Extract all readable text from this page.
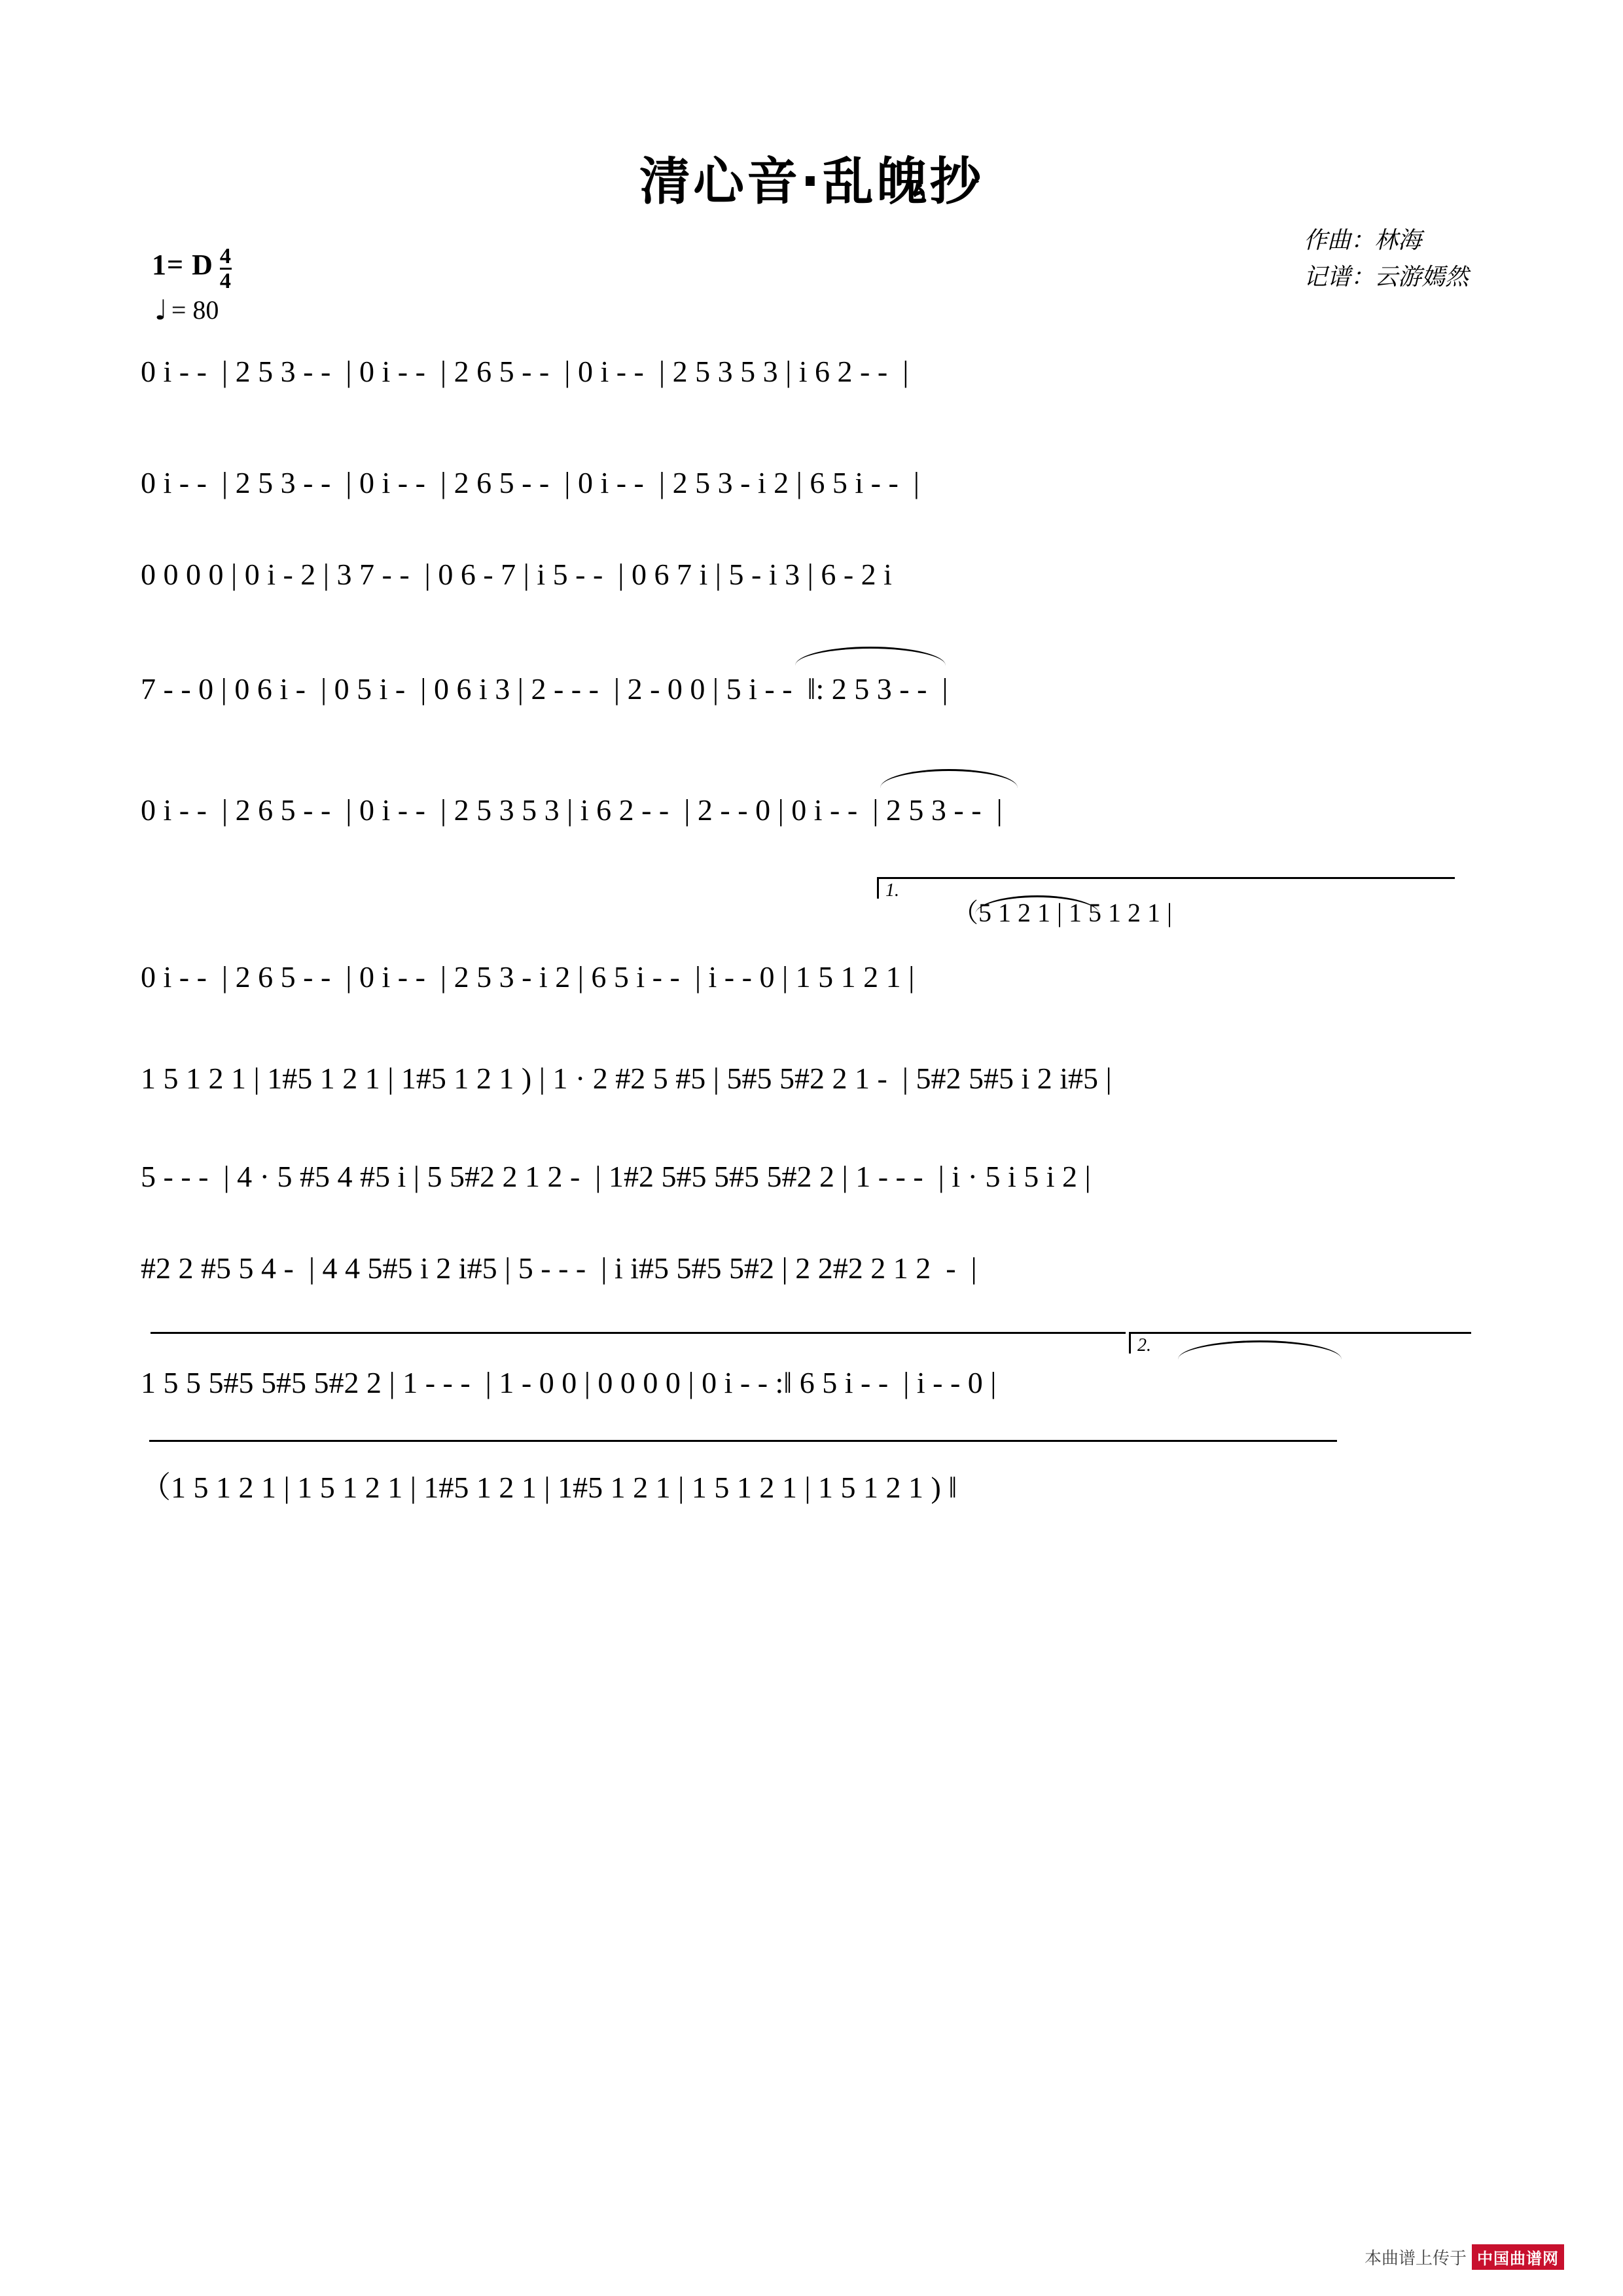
清心音·乱魄抄
1= D $\frac{4}{4}$
♩ = 80
作曲：林海
记谱：云游嫣然
0 i - -  | 2 5 3 - -  | 0 i - -  | 2 6 5 - -  | 0 i - -  | 2 5 3 5 3 | i 6 2 - -  |
0 i - -  | 2 5 3 - -  | 0 i - -  | 2 6 5 - -  | 0 i - -  | 2 5 3 - i 2 | 6 5 i - -  |
0 0 0 0 | 0 i - 2 | 3 7 - -  | 0 6 - 7 | i 5 - -  | 0 6 7 i | 5 - i 3 | 6 - 2 i
7 - - 0 | 0 6 i -  | 0 5 i -  | 0 6 i 3 | 2 - - -  | 2 - 0 0 | 5 i - -  ‖: 2 5 3 - -  |
0 i - -  | 2 6 5 - -  | 0 i - -  | 2 5 3 5 3 | i 6 2 - -  | 2 - - 0 | 0 i - -  | 2 5 3 - -  |
1.
（5 1 2 1 | 1 5 1 2 1 |
0 i - -  | 2 6 5 - -  | 0 i - -  | 2 5 3 - i 2 | 6 5 i - -  | i - - 0 | 1 5 1 2 1 |
1 5 1 2 1 | 1#5 1 2 1 | 1#5 1 2 1 ) | 1 · 2 #2 5 #5 | 5#5 5#2 2 1 -  | 5#2 5#5 i 2 i#5 |
5 - - -  | 4 · 5 #5 4 #5 i | 5 5#2 2 1 2 -  | 1#2 5#5 5#5 5#2 2 | 1 - - -  | i · 5 i 5 i 2 |
#2 2 #5 5 4 -  | 4 4 5#5 i 2 i#5 | 5 - - -  | i i#5 5#5 5#2 | 2 2#2 2 1 2  -  |
2.
1 5 5 5#5 5#5 5#2 2 | 1 - - -  | 1 - 0 0 | 0 0 0 0 | 0 i - - :‖ 6 5 i - -  | i - - 0 |
（1 5 1 2 1 | 1 5 1 2 1 | 1#5 1 2 1 | 1#5 1 2 1 | 1 5 1 2 1 | 1 5 1 2 1 ) ‖
本曲谱上传于 中国曲谱网
